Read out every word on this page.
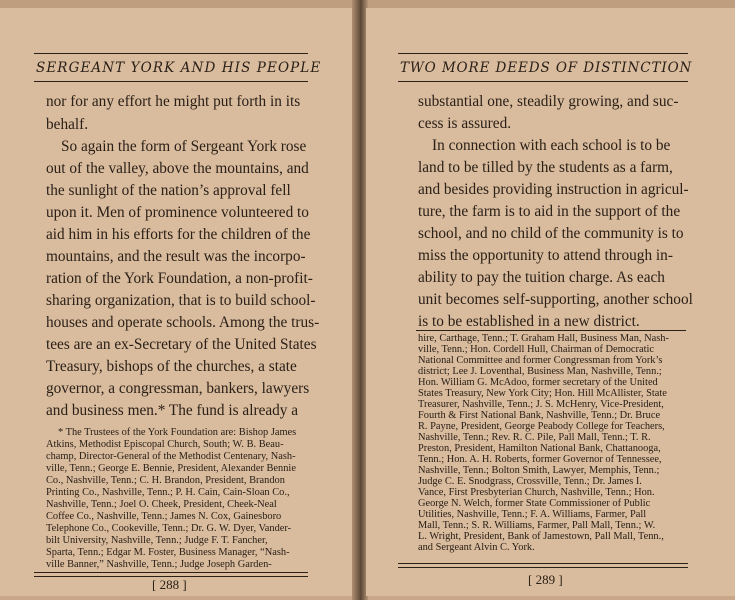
SERGEANT YORK AND HIS PEOPLE
nor for any effort he might put forth in its
behalf.
So again the form of Sergeant York rose
out of the valley, above the mountains, and
the sunlight of the nation’s approval fell
upon it. Men of prominence volunteered to
aid him in his efforts for the children of the
mountains, and the result was the incorpo-
ration of the York Foundation, a non-profit-
sharing organization, that is to build school-
houses and operate schools. Among the trus-
tees are an ex-Secretary of the United States
Treasury, bishops of the churches, a state
governor, a congressman, bankers, lawyers
and business men.* The fund is already a
* The Trustees of the York Foundation are: Bishop James
Atkins, Methodist Episcopal Church, South; W. B. Beau-
champ, Director-General of the Methodist Centenary, Nash-
ville, Tenn.; George E. Bennie, President, Alexander Bennie
Co., Nashville, Tenn.; C. H. Brandon, President, Brandon
Printing Co., Nashville, Tenn.; P. H. Cain, Cain-Sloan Co.,
Nashville, Tenn.; Joel O. Cheek, President, Cheek-Neal
Coffee Co., Nashville, Tenn.; James N. Cox, Gainesboro
Telephone Co., Cookeville, Tenn.; Dr. G. W. Dyer, Vander-
bilt University, Nashville, Tenn.; Judge F. T. Fancher,
Sparta, Tenn.; Edgar M. Foster, Business Manager, “Nash-
ville Banner,” Nashville, Tenn.; Judge Joseph Garden-
[ 288 ]
TWO MORE DEEDS OF DISTINCTION
substantial one, steadily growing, and suc-
cess is assured.
In connection with each school is to be
land to be tilled by the students as a farm,
and besides providing instruction in agricul-
ture, the farm is to aid in the support of the
school, and no child of the community is to
miss the opportunity to attend through in-
ability to pay the tuition charge. As each
unit becomes self-supporting, another school
is to be established in a new district.
hire, Carthage, Tenn.; T. Graham Hall, Business Man, Nash-
ville, Tenn.; Hon. Cordell Hull, Chairman of Democratic
National Committee and former Congressman from York’s
district; Lee J. Loventhal, Business Man, Nashville, Tenn.;
Hon. William G. McAdoo, former secretary of the United
States Treasury, New York City; Hon. Hill McAllister, State
Treasurer, Nashville, Tenn.; J. S. McHenry, Vice-President,
Fourth & First National Bank, Nashville, Tenn.; Dr. Bruce
R. Payne, President, George Peabody College for Teachers,
Nashville, Tenn.; Rev. R. C. Pile, Pall Mall, Tenn.; T. R.
Preston, President, Hamilton National Bank, Chattanooga,
Tenn.; Hon. A. H. Roberts, former Governor of Tennessee,
Nashville, Tenn.; Bolton Smith, Lawyer, Memphis, Tenn.;
Judge C. E. Snodgrass, Crossville, Tenn.; Dr. James I.
Vance, First Presbyterian Church, Nashville, Tenn.; Hon.
George N. Welch, former State Commissioner of Public
Utilities, Nashville, Tenn.; F. A. Williams, Farmer, Pall
Mall, Tenn.; S. R. Williams, Farmer, Pall Mall, Tenn.; W.
L. Wright, President, Bank of Jamestown, Pall Mall, Tenn.,
and Sergeant Alvin C. York.
[ 289 ]
